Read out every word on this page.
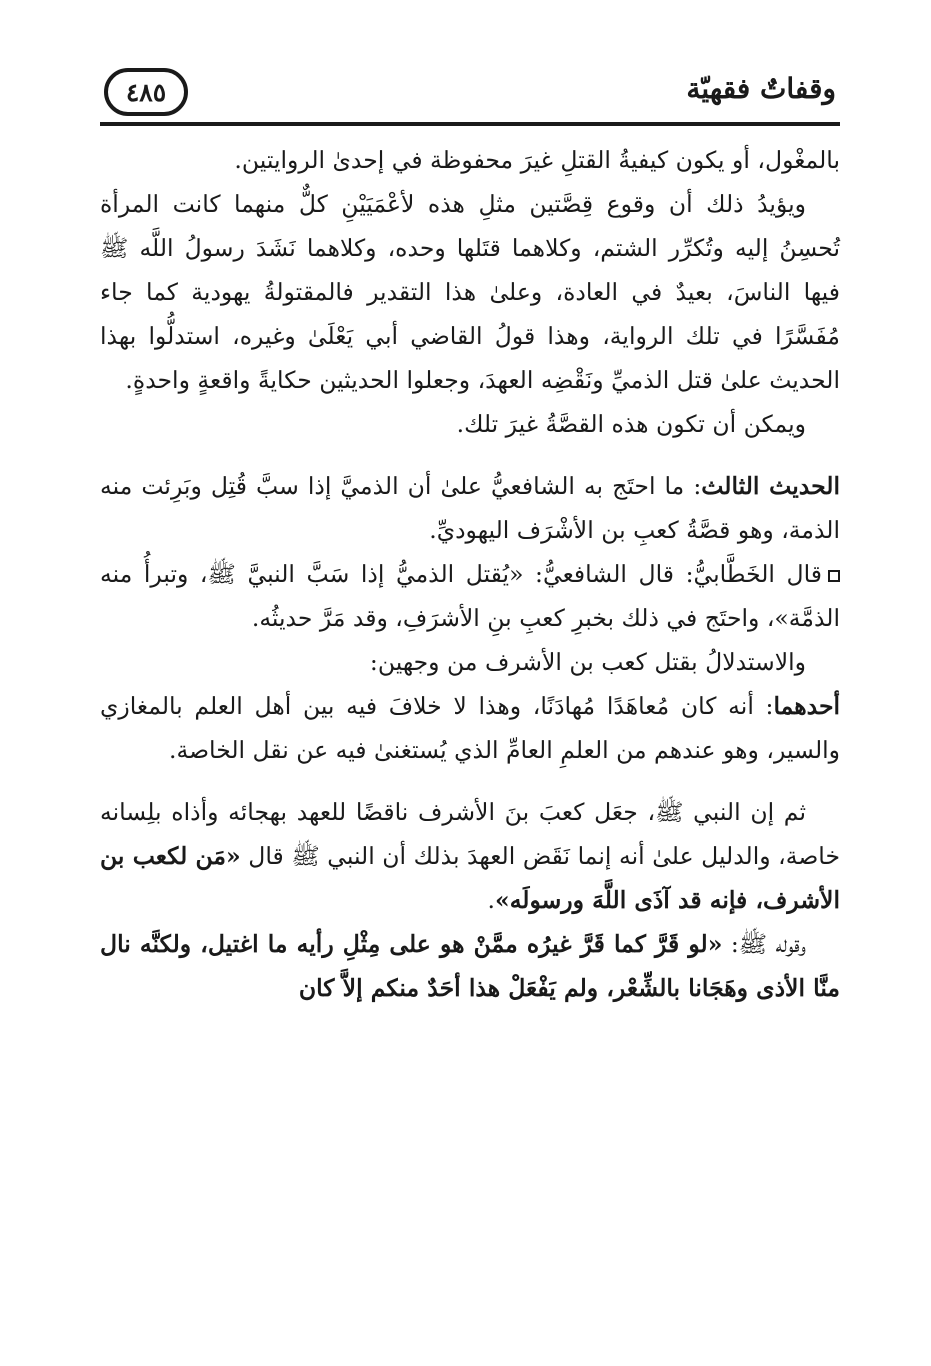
٤٨٥	وقفاتٌ فقهيّة

بالمغْول، أو يكون كيفيةُ القتلِ غيرَ محفوظة في إحدىٰ الروايتين.

ويؤيدُ ذلك أن وقوع قِصَّتين مثلِ هذه لأعْمَيَيْنِ كلٌّ منهما كانت المرأة تُحسِنُ إليه وتُكرِّر الشتم، وكلاهما قتَلها وحده، وكلاهما نَشَدَ رسولُ اللَّه ﷺ فيها الناسَ، بعيدٌ في العادة، وعلىٰ هذا التقدير فالمقتولةُ يهودية كما جاء مُفَسَّرًا في تلك الرواية، وهذا قولُ القاضي أبي يَعْلَىٰ وغيره، استدلُّوا بهذا الحديث علىٰ قتل الذميِّ ونَقْضِه العهدَ، وجعلوا الحديثين حكايةً واقعةٍ واحدةٍ.

ويمكن أن تكون هذه القصَّةُ غيرَ تلك.

الحديث الثالث: ما احتَج به الشافعيُّ علىٰ أن الذميَّ إذا سبَّ قُتِل وبَرِئت منه الذمة، وهو قصَّةُ كعبِ بن الأشْرَف اليهوديِّ.

قال الخَطَّابيُّ: قال الشافعيُّ: «يُقتل الذميُّ إذا سَبَّ النبيَّ ﷺ، وتبرأُ منه الذمَّة»، واحتَج في ذلك بخبرِ كعبِ بنِ الأشرَفِ، وقد مَرَّ حديثُه.

والاستدلالُ بقتل كعب بن الأشرف من وجهين:

أحدهما: أنه كان مُعاهَدًا مُهادَنًا، وهذا لا خلافَ فيه بين أهل العلم بالمغازي والسير، وهو عندهم من العلمِ العامِّ الذي يُستغنىٰ فيه عن نقل الخاصة.

ثم إن النبي ﷺ، جعَل كعبَ بنَ الأشرف ناقضًا للعهد بهجائه وأذاه بلِسانه خاصة، والدليل علىٰ أنه إنما نَقَض العهدَ بذلك أن النبي ﷺ قال «مَن لكعب بن الأشرف، فإنه قد آذَى اللَّهَ ورسولَه».

وقوله ﷺ: «لو قَرَّ كما قَرَّ غيرُه ممَّنْ هو على مِثْلِ رأيه ما اغتيل، ولكنَّه نال منَّا الأذى وهَجَانا بالشِّعْر، ولم يَفْعَلْ هذا أحَدٌ منكم إلاَّ كان
